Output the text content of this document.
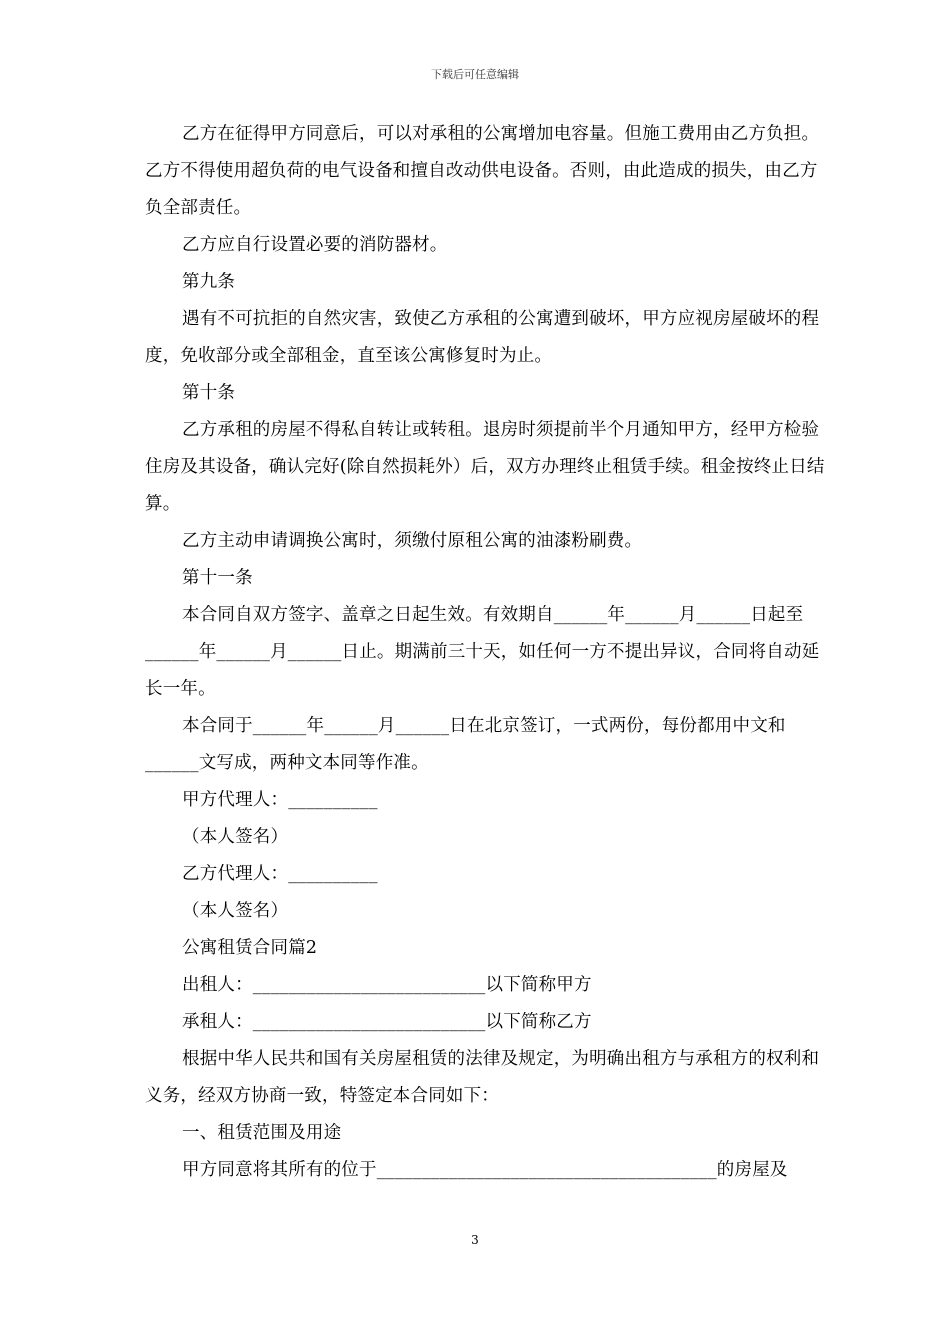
下载后可任意编辑

乙方在征得甲方同意后，可以对承租的公寓增加电容量。但施工费用由乙方负担。乙方不得使用超负荷的电气设备和擅自改动供电设备。否则，由此造成的损失，由乙方负全部责任。

乙方应自行设置必要的消防器材。

第九条

遇有不可抗拒的自然灾害，致使乙方承租的公寓遭到破坏，甲方应视房屋破坏的程度，免收部分或全部租金，直至该公寓修复时为止。

第十条

乙方承租的房屋不得私自转让或转租。退房时须提前半个月通知甲方，经甲方检验住房及其设备，确认完好(除自然损耗外）后，双方办理终止租赁手续。租金按终止日结算。

乙方主动申请调换公寓时，须缴付原租公寓的油漆粉刷费。

第十一条

本合同自双方签字、盖章之日起生效。有效期自______年______月______日起至______年______月______日止。期满前三十天，如任何一方不提出异议，合同将自动延长一年。

本合同于______年______月______日在北京签订，一式两份，每份都用中文和______文写成，两种文本同等作准。

甲方代理人：__________

（本人签名）

乙方代理人：__________

（本人签名）

公寓租赁合同篇2

出租人：__________________________以下简称甲方

承租人：__________________________以下简称乙方

根据中华人民共和国有关房屋租赁的法律及规定，为明确出租方与承租方的权利和义务，经双方协商一致，特签定本合同如下：

一、租赁范围及用途

甲方同意将其所有的位于______________________________________的房屋及

3
